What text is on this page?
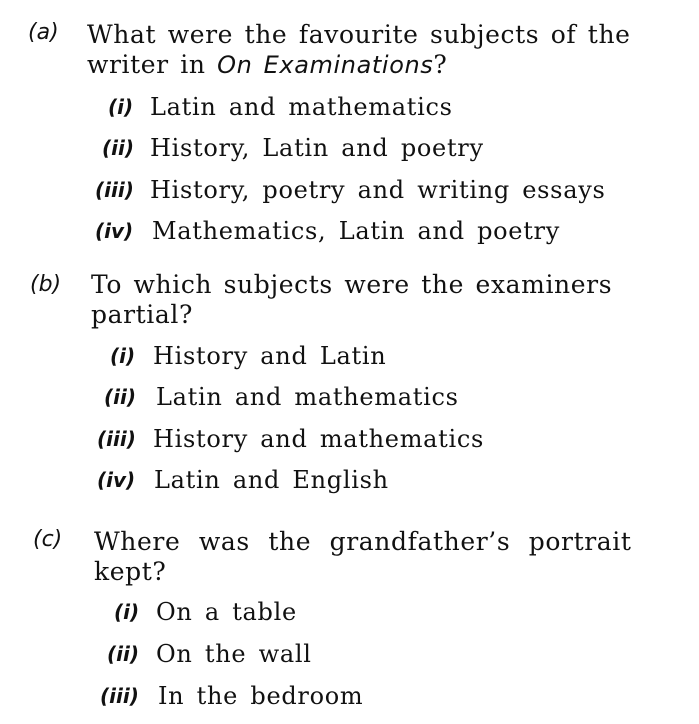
(a) What were the favourite subjects of the writer in On Examinations?
(i) Latin and mathematics
(ii) History, Latin and poetry
(iii) History, poetry and writing essays
(iv) Mathematics, Latin and poetry
(b) To which subjects were the examiners partial?
(i) History and Latin
(ii) Latin and mathematics
(iii) History and mathematics
(iv) Latin and English
(c) Where was the grandfather’s portrait kept?
(i) On a table
(ii) On the wall
(iii) In the bedroom
